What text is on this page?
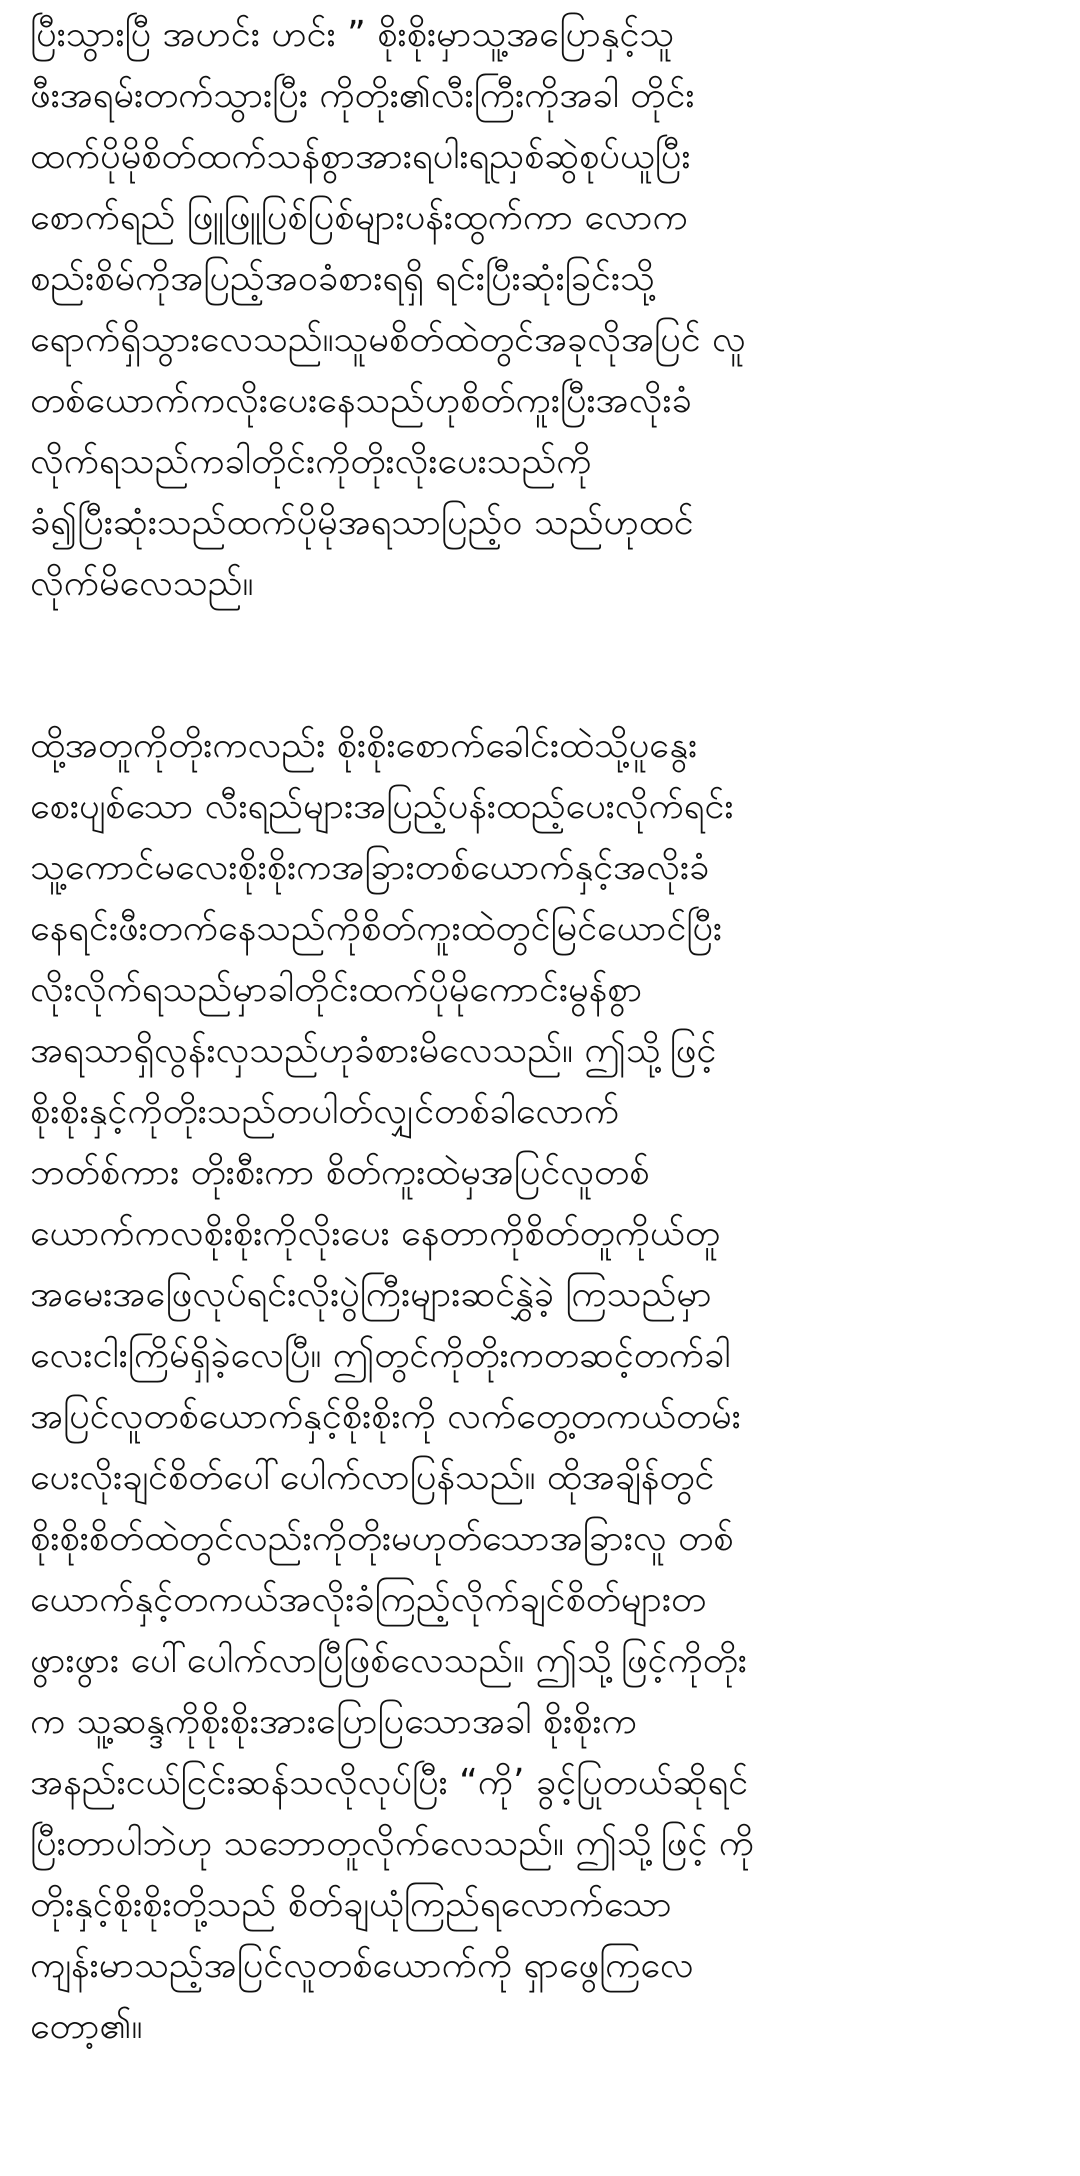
ပြီးသွားပြီ အဟင်း ဟင်း ” စိုးစိုးမှာသူ့အပြောနှင့်သူ
ဖီးအရမ်းတက်သွားပြီး ကိုတိုး၏လီးကြီးကိုအခါ တိုင်း
ထက်ပိုမိုစိတ်ထက်သန်စွာအားရပါးရညှစ်ဆွဲစုပ်ယူပြီး
စောက်ရည် ဖြူဖြူပြစ်ပြစ်များပန်းထွက်ကာ လောက
စည်းစိမ်ကိုအပြည့်အဝခံစားရရှိ ရင်းပြီးဆုံးခြင်းသို့
ရောက်ရှိသွားလေသည်။သူမစိတ်ထဲတွင်အခုလိုအပြင် လူ
တစ်ယောက်ကလိုးပေးနေသည်ဟုစိတ်ကူးပြီးအလိုးခံ
လိုက်ရသည်ကခါတိုင်းကိုတိုးလိုးပေးသည်ကို
ခံ၍ပြီးဆုံးသည်ထက်ပိုမိုအရသာပြည့်ဝ သည်ဟုထင်
လိုက်မိလေသည်။
ထို့အတူကိုတိုးကလည်း စိုးစိုးစောက်ခေါင်းထဲသို့ပူနွေး
စေးပျစ်သော လီးရည်များအပြည့်ပန်းထည့်ပေးလိုက်ရင်း
သူ့ကောင်မလေးစိုးစိုးကအခြားတစ်ယောက်နှင့်အလိုးခံ
နေရင်းဖီးတက်နေသည်ကိုစိတ်ကူးထဲတွင်မြင်ယောင်ပြီး
လိုးလိုက်ရသည်မှာခါတိုင်းထက်ပိုမိုကောင်းမွန်စွာ
အရသာရှိလွန်းလှသည်ဟုခံစားမိလေသည်။ ဤသို့ဖြင့်
စိုးစိုးနှင့်ကိုတိုးသည်တပါတ်လျှင်တစ်ခါလောက်
ဘတ်စ်ကား တိုးစီးကာ စိတ်ကူးထဲမှအပြင်လူတစ်
ယောက်ကလစိုးစိုးကိုလိုးပေး နေတာကိုစိတ်တူကိုယ်တူ
အမေးအဖြေလုပ်ရင်းလိုးပွဲကြီးများဆင်နွှဲခဲ့ ကြသည်မှာ
လေးငါးကြိမ်ရှိခဲ့လေပြီ။ ဤတွင်ကိုတိုးကတဆင့်တက်ခါ
အပြင်လူတစ်ယောက်နှင့်စိုးစိုးကို လက်တွေ့တကယ်တမ်း
ပေးလိုးချင်စိတ်ပေါ်ပေါက်လာပြန်သည်။ ထိုအချိန်တွင်
စိုးစိုးစိတ်ထဲတွင်လည်းကိုတိုးမဟုတ်သောအခြားလူ တစ်
ယောက်နှင့်တကယ်အလိုးခံကြည့်လိုက်ချင်စိတ်များတ
ဖွားဖွား ပေါ်ပေါက်လာပြီဖြစ်လေသည်။ ဤသို့ဖြင့်ကိုတိုး
က သူ့ဆန္ဒကိုစိုးစိုးအားပြောပြသောအခါ စိုးစိုးက
အနည်းငယ်ငြင်းဆန်သလိုလုပ်ပြီး “ကို’ ခွင့်ပြုတယ်ဆိုရင်
ပြီးတာပါဘဲဟု သဘောတူလိုက်လေသည်။ ဤသို့ဖြင့် ကို
တိုးနှင့်စိုးစိုးတို့သည် စိတ်ချယုံကြည်ရလောက်သော
ကျန်းမာသည့်အပြင်လူတစ်ယောက်ကို ရှာဖွေကြလေ
တော့၏။
